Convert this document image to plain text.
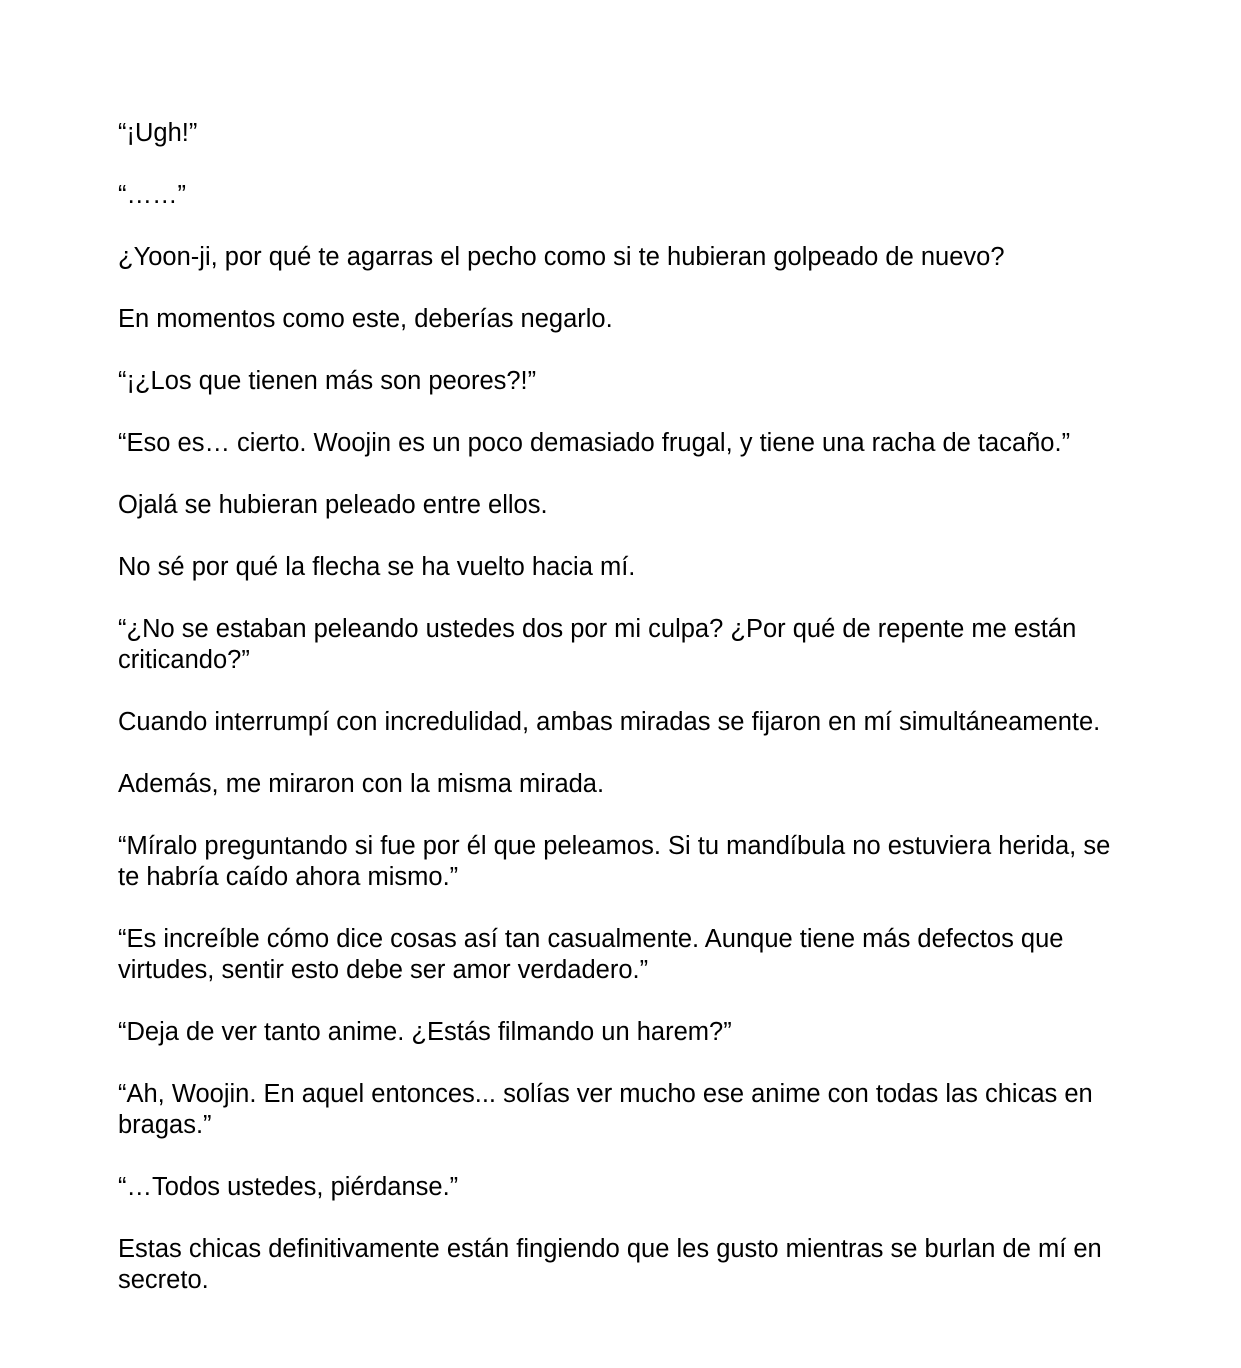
“¡Ugh!”

“……”

¿Yoon-ji, por qué te agarras el pecho como si te hubieran golpeado de nuevo?

En momentos como este, deberías negarlo.

“¡¿Los que tienen más son peores?!”

“Eso es… cierto. Woojin es un poco demasiado frugal, y tiene una racha de tacaño.”

Ojalá se hubieran peleado entre ellos.

No sé por qué la flecha se ha vuelto hacia mí.

“¿No se estaban peleando ustedes dos por mi culpa? ¿Por qué de repente me están criticando?”

Cuando interrumpí con incredulidad, ambas miradas se fijaron en mí simultáneamente.

Además, me miraron con la misma mirada.

“Míralo preguntando si fue por él que peleamos. Si tu mandíbula no estuviera herida, se te habría caído ahora mismo.”

“Es increíble cómo dice cosas así tan casualmente. Aunque tiene más defectos que virtudes, sentir esto debe ser amor verdadero.”

“Deja de ver tanto anime. ¿Estás filmando un harem?”

“Ah, Woojin. En aquel entonces... solías ver mucho ese anime con todas las chicas en bragas.”

“…Todos ustedes, piérdanse.”

Estas chicas definitivamente están fingiendo que les gusto mientras se burlan de mí en secreto.
